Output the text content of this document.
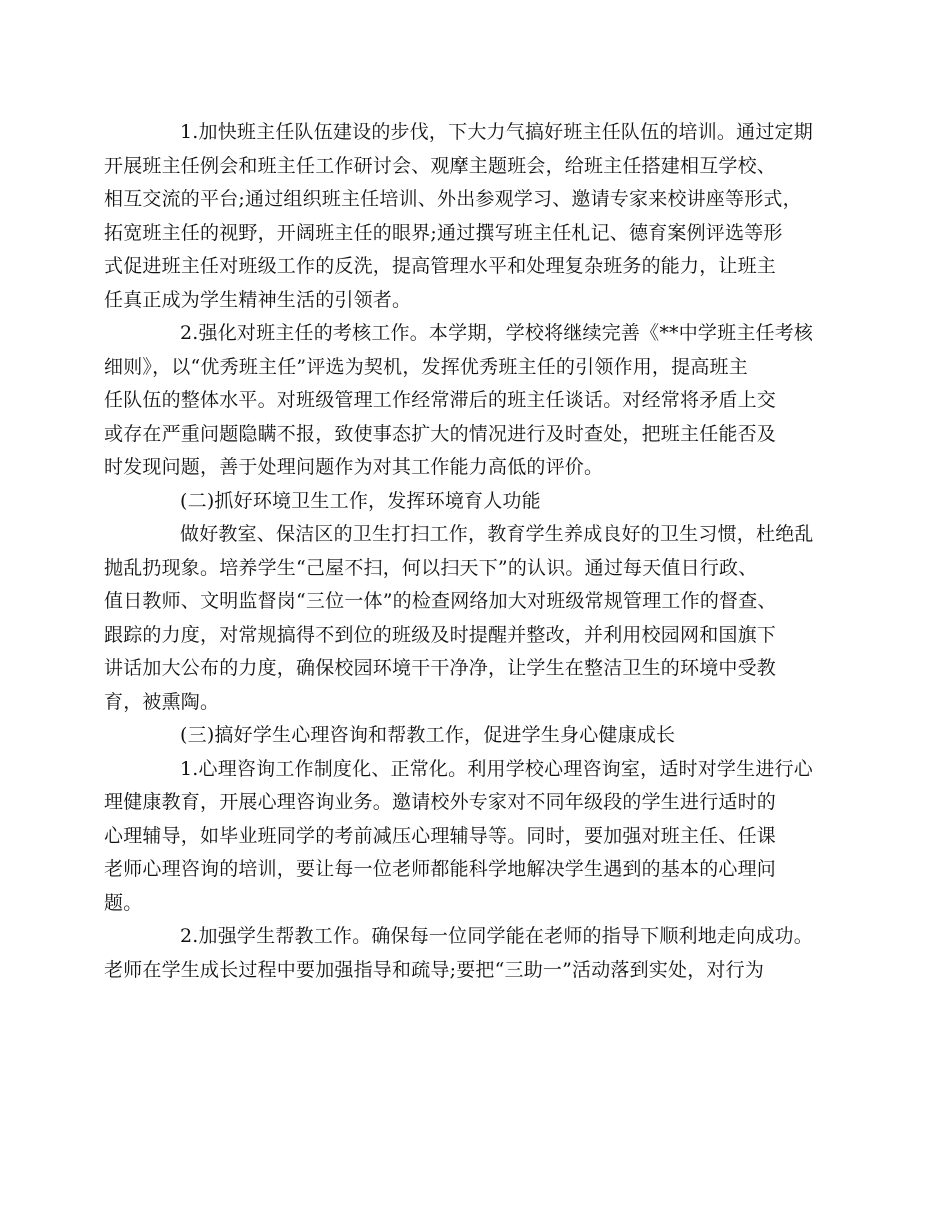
1.加快班主任队伍建设的步伐，下大力气搞好班主任队伍的培训。通过定期
开展班主任例会和班主任工作研讨会、观摩主题班会，给班主任搭建相互学校、
相互交流的平台;通过组织班主任培训、外出参观学习、邀请专家来校讲座等形式，
拓宽班主任的视野，开阔班主任的眼界;通过撰写班主任札记、德育案例评选等形
式促进班主任对班级工作的反洗，提高管理水平和处理复杂班务的能力，让班主
任真正成为学生精神生活的引领者。
2.强化对班主任的考核工作。本学期，学校将继续完善《**中学班主任考核
细则》，以“优秀班主任”评选为契机，发挥优秀班主任的引领作用，提高班主
任队伍的整体水平。对班级管理工作经常滞后的班主任谈话。对经常将矛盾上交
或存在严重问题隐瞒不报，致使事态扩大的情况进行及时查处，把班主任能否及
时发现问题，善于处理问题作为对其工作能力高低的评价。
(二)抓好环境卫生工作，发挥环境育人功能
做好教室、保洁区的卫生打扫工作，教育学生养成良好的卫生习惯，杜绝乱
抛乱扔现象。培养学生“己屋不扫，何以扫天下”的认识。通过每天值日行政、
值日教师、文明监督岗“三位一体”的检查网络加大对班级常规管理工作的督查、
跟踪的力度，对常规搞得不到位的班级及时提醒并整改，并利用校园网和国旗下
讲话加大公布的力度，确保校园环境干干净净，让学生在整洁卫生的环境中受教
育，被熏陶。
(三)搞好学生心理咨询和帮教工作，促进学生身心健康成长
1.心理咨询工作制度化、正常化。利用学校心理咨询室，适时对学生进行心
理健康教育，开展心理咨询业务。邀请校外专家对不同年级段的学生进行适时的
心理辅导，如毕业班同学的考前减压心理辅导等。同时，要加强对班主任、任课
老师心理咨询的培训，要让每一位老师都能科学地解决学生遇到的基本的心理问
题。
2.加强学生帮教工作。确保每一位同学能在老师的指导下顺利地走向成功。
老师在学生成长过程中要加强指导和疏导;要把“三助一”活动落到实处，对行为
